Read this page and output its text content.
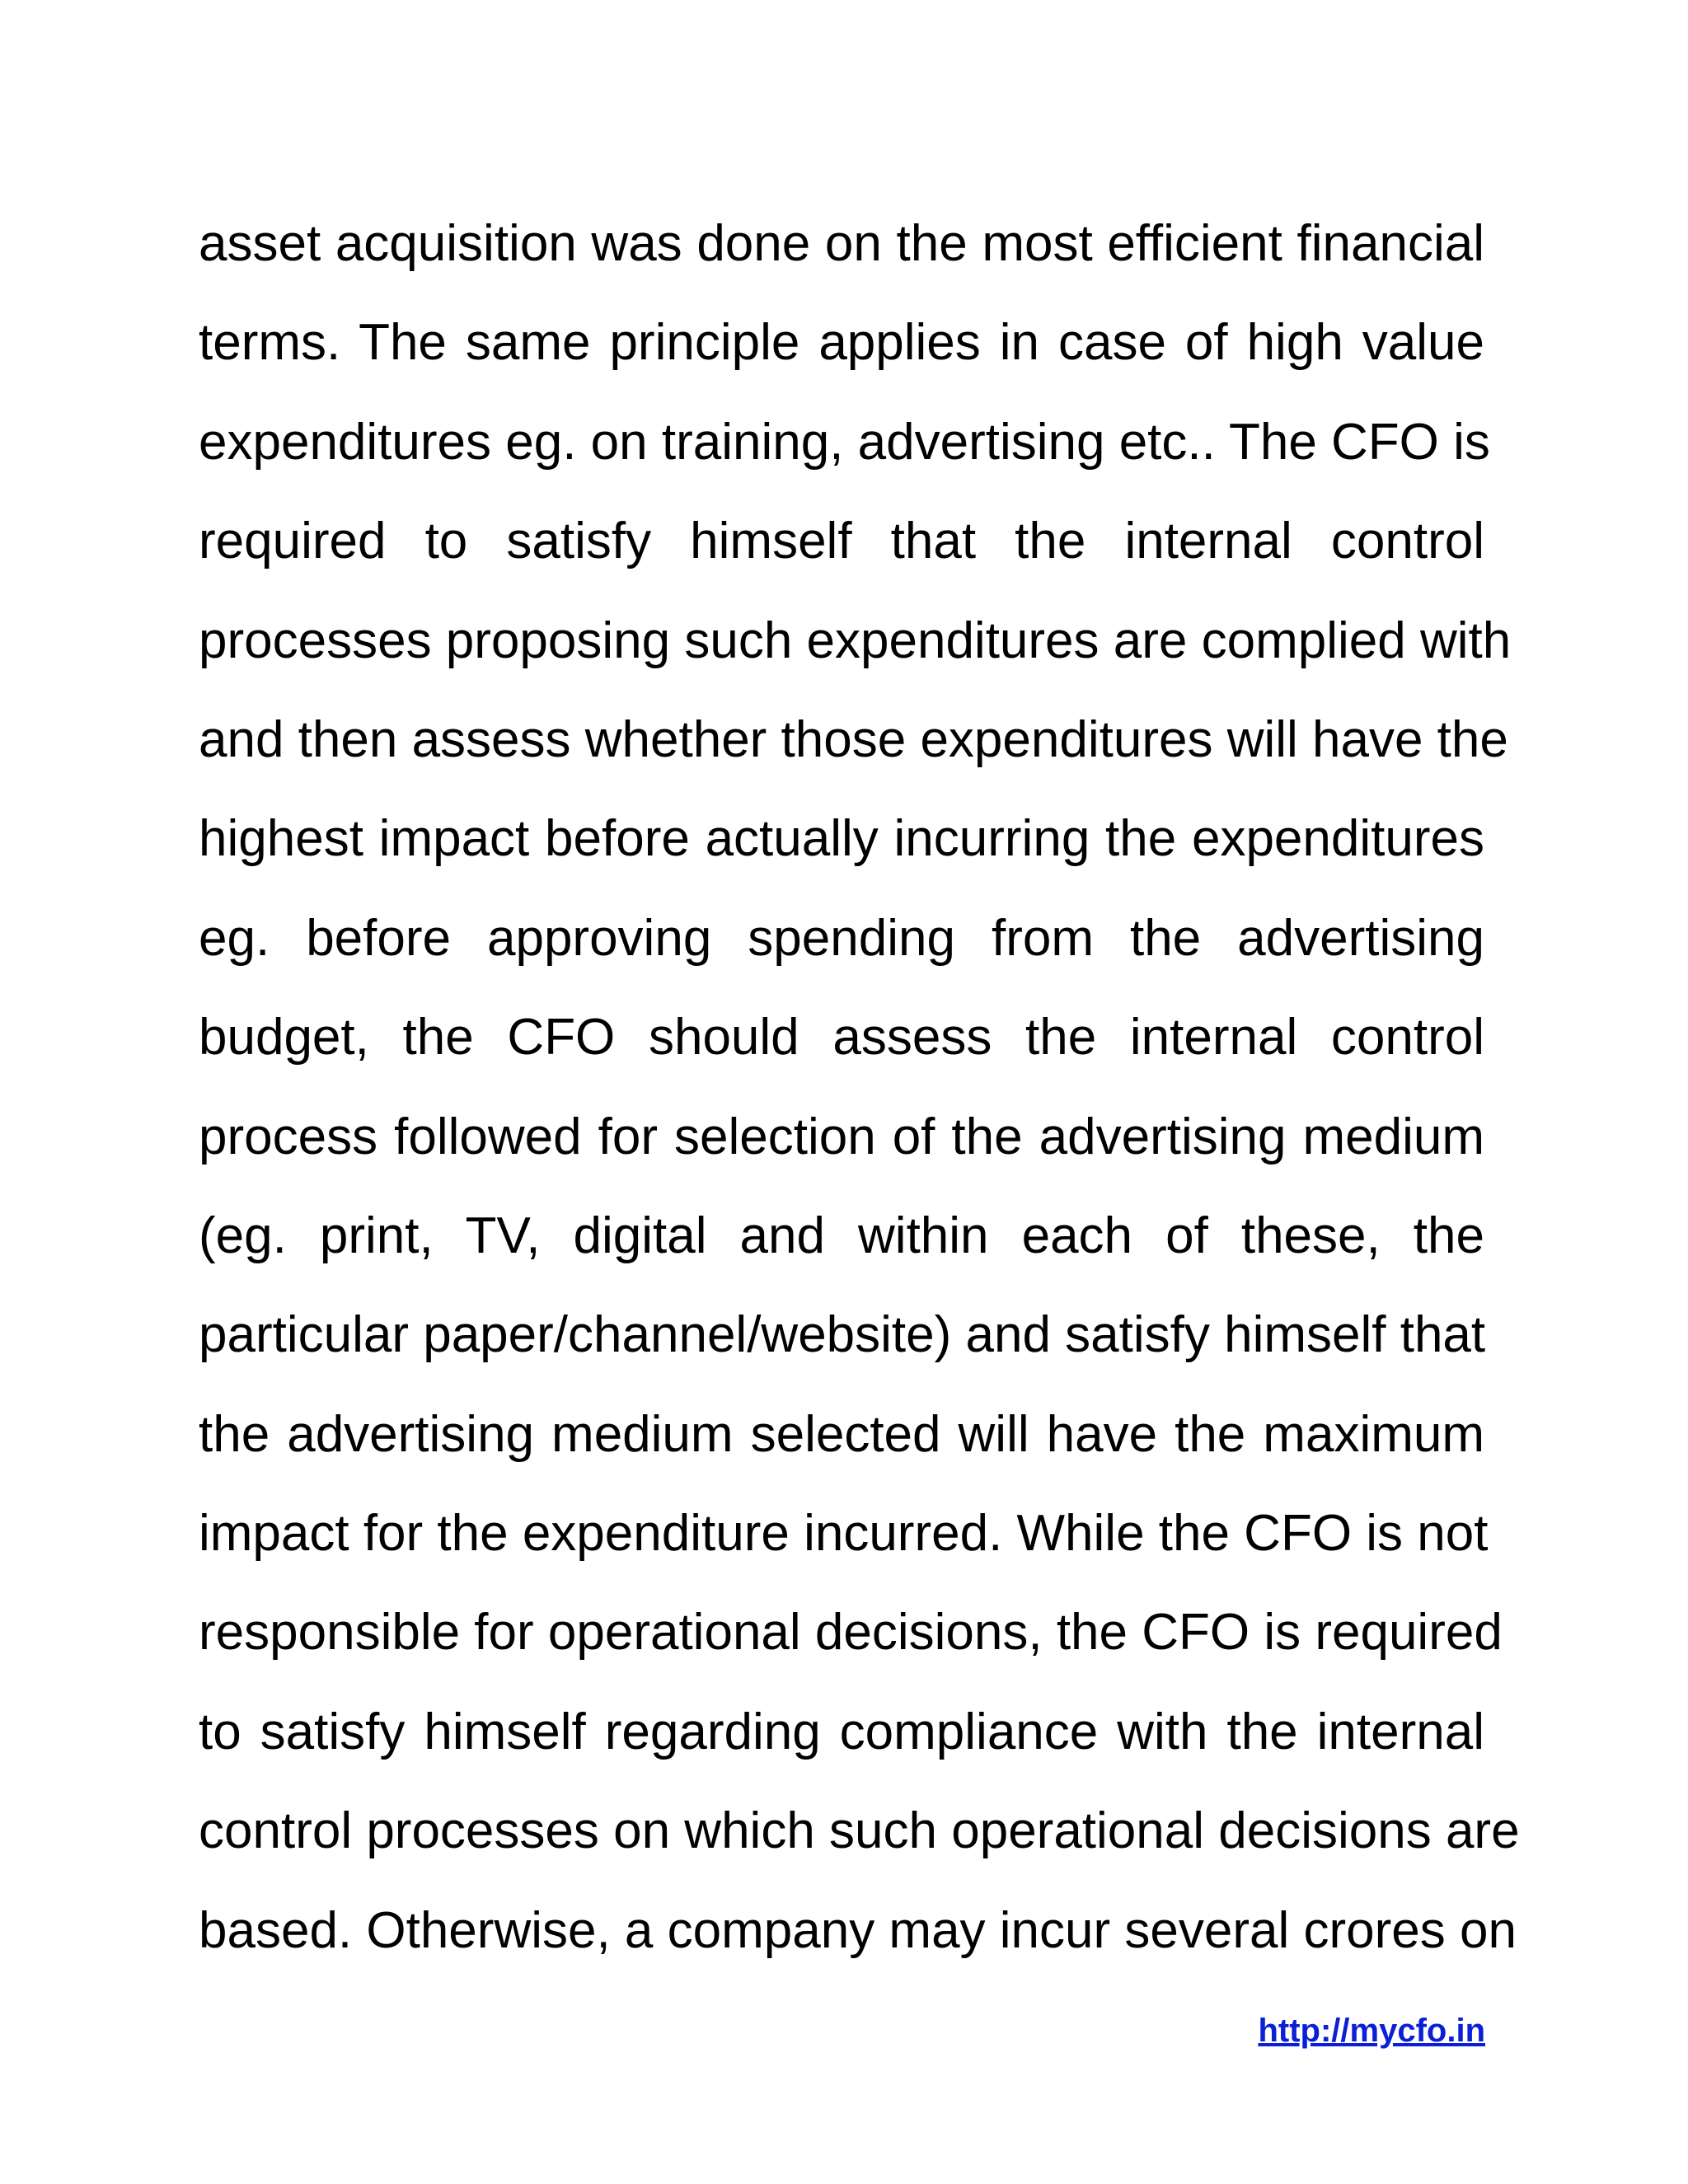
asset acquisition was done on the most efficient financial
terms. The same principle applies in case of high value
expenditures eg. on training, advertising etc.. The CFO is
required to satisfy himself that the internal control
processes proposing such expenditures are complied with
and then assess whether those expenditures will have the
highest impact before actually incurring the expenditures
eg. before approving spending from the advertising
budget, the CFO should assess the internal control
process followed for selection of the advertising medium
(eg. print, TV, digital and within each of these, the
particular paper/channel/website) and satisfy himself that
the advertising medium selected will have the maximum
impact for the expenditure incurred. While the CFO is not
responsible for operational decisions, the CFO is required
to satisfy himself regarding compliance with the internal
control processes on which such operational decisions are
based. Otherwise, a company may incur several crores on
http://mycfo.in
